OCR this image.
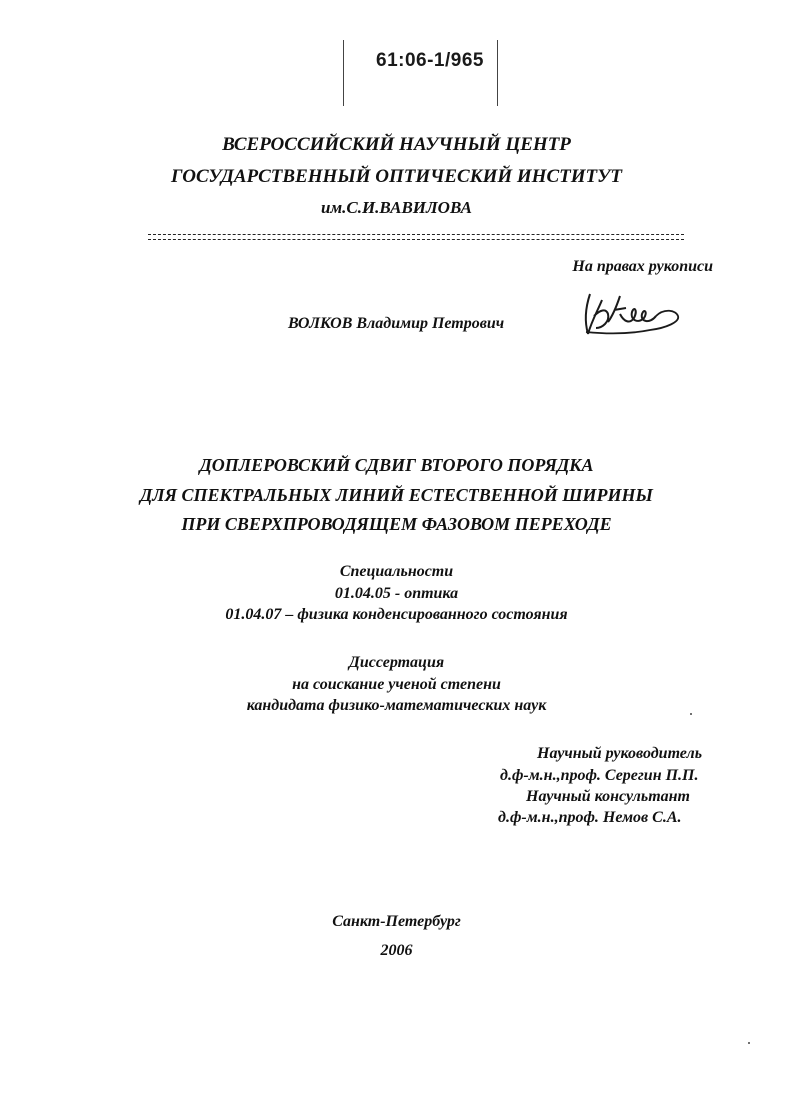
61:06-1/965
ВСЕРОССИЙСКИЙ НАУЧНЫЙ ЦЕНТР
ГОСУДАРСТВЕННЫЙ ОПТИЧЕСКИЙ ИНСТИТУТ
им.С.И.ВАВИЛОВА
На правах рукописи
ВОЛКОВ Владимир Петрович
ДОПЛЕРОВСКИЙ СДВИГ ВТОРОГО ПОРЯДКА
ДЛЯ СПЕКТРАЛЬНЫХ ЛИНИЙ ЕСТЕСТВЕННОЙ ШИРИНЫ
ПРИ СВЕРХПРОВОДЯЩЕМ ФАЗОВОМ ПЕРЕХОДЕ
Специальности
01.04.05 - оптика
01.04.07 – физика конденсированного состояния
Диссертация
на соискание ученой степени
кандидата физико-математических наук
Научный руководитель
д.ф-м.н.,проф. Серегин П.П.
Научный консультант
д.ф-м.н.,проф. Немов С.А.
Санкт-Петербург
2006
